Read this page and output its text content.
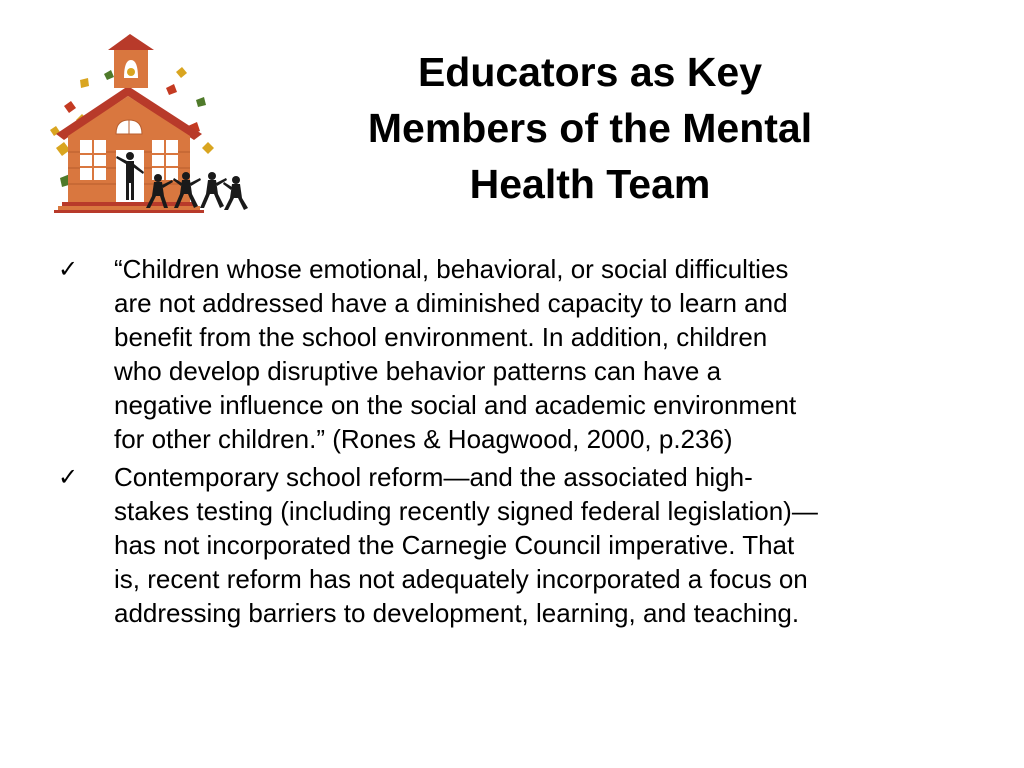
Educators as Key
Members of the Mental
Health Team
✓ “Children whose emotional, behavioral, or social difficulties
are not addressed have a diminished capacity to learn and
benefit from the school environment. In addition, children
who develop disruptive behavior patterns can have a
negative influence on the social and academic environment
for other children.” (Rones & Hoagwood, 2000, p.236)
✓ Contemporary school reform—and the associated high-
stakes testing (including recently signed federal legislation)—
has not incorporated the Carnegie Council imperative. That
is, recent reform has not adequately incorporated a focus on
addressing barriers to development, learning, and teaching.
